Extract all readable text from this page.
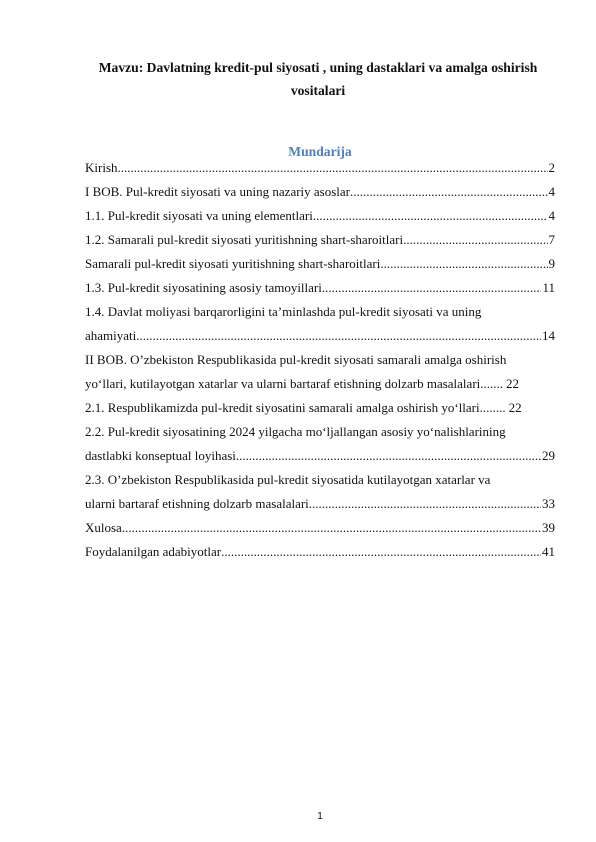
Mavzu: Davlatning kredit-pul siyosati , uning dastaklari va amalga oshirish
vositalari
Mundarija
Kirish .....	2
I BOB. Pul-kredit siyosati va uning nazariy asoslar .....	4
1.1. Pul-kredit siyosati va uning elementlari .....	4
1.2. Samarali pul-kredit siyosati yuritishning shart-sharoitlari .....	7
Samarali pul-kredit siyosati yuritishning shart-sharoitlari .....	9
1.3. Pul-kredit siyosatining asosiy tamoyillari .....	11
1.4. Davlat moliyasi barqarorligini ta’minlashda pul-kredit siyosati va uning
ahamiyati .....	14
II BOB. O’zbekiston Respublikasida pul-kredit siyosati samarali amalga oshirish
yo‘llari, kutilayotgan xatarlar va ularni bartaraf etishning dolzarb masalalari ....... 22
2.1. Respublikamizda pul-kredit siyosatini samarali amalga oshirish yo‘llari ........ 22
2.2. Pul-kredit siyosatining 2024 yilgacha mo‘ljallangan asosiy yo‘nalishlarining
dastlabki konseptual loyihasi .....	29
2.3. O’zbekiston Respublikasida pul-kredit siyosatida kutilayotgan xatarlar va
ularni bartaraf etishning dolzarb masalalari .....	33
Xulosa .....	39
Foydalanilgan adabiyotlar .....	41
1
